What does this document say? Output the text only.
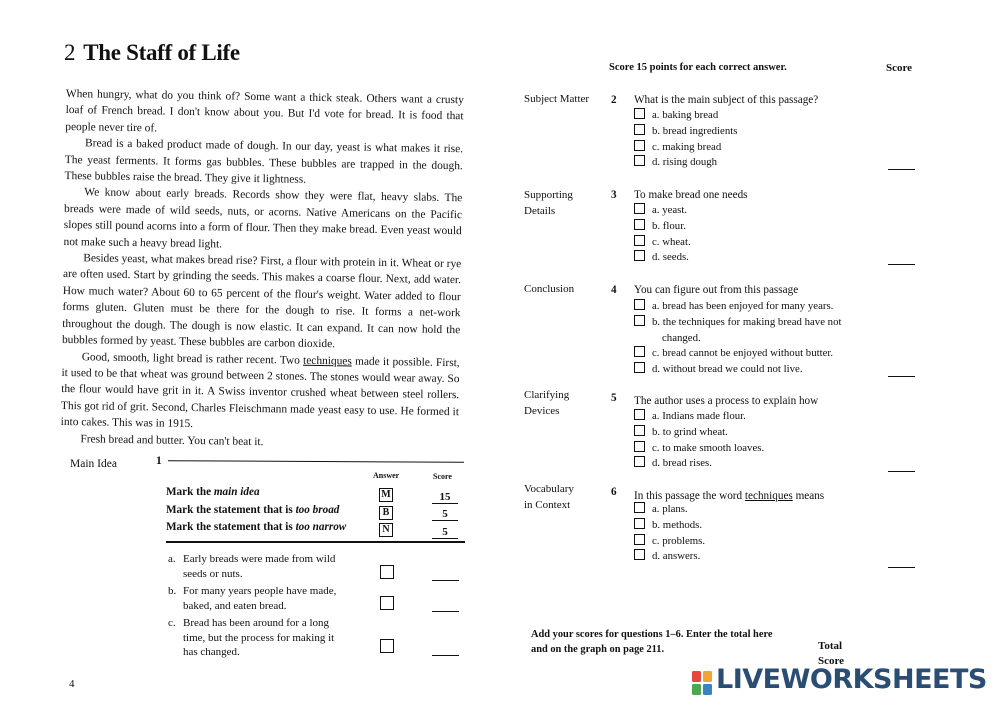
2 The Staff of Life

When hungry, what do you think of? Some want a thick steak. Others want a crusty loaf of French bread. I don't know about you. But I'd vote for bread. It is food that people never tire of.

Bread is a baked product made of dough. In our day, yeast is what makes it rise. The yeast ferments. It forms gas bubbles. These bubbles are trapped in the dough. These bubbles raise the bread. They give it lightness.

We know about early breads. Records show they were flat, heavy slabs. The breads were made of wild seeds, nuts, or acorns. Native Americans on the Pacific slopes still pound acorns into a form of flour. Then they make bread. Even yeast would not make such a heavy bread light.

Besides yeast, what makes bread rise? First, a flour with protein in it. Wheat or rye are often used. Start by grinding the seeds. This makes a coarse flour. Next, add water. How much water? About 60 to 65 percent of the flour's weight. Water added to flour forms gluten. Gluten must be there for the dough to rise. It forms a net-work throughout the dough. The dough is now elastic. It can expand. It can now hold the bubbles formed by yeast. These bubbles are carbon dioxide.

Good, smooth, light bread is rather recent. Two techniques made it possible. First, it used to be that wheat was ground between 2 stones. The stones would wear away. So the flour would have grit in it. A Swiss inventor crushed wheat between steel rollers. This got rid of grit. Second, Charles Fleischmann made yeast easy to use. He formed it into cakes. This was in 1915.

Fresh bread and butter. You can't beat it.

Main Idea	1
Answer	Score
Mark the main idea	M	15
Mark the statement that is too broad	B	5
Mark the statement that is too narrow	N	5
a. Early breads were made from wild
seeds or nuts.
b. For many years people have made,
baked, and eaten bread.
c. Bread has been around for a long
time, but the process for making it
has changed.
4
Score 15 points for each correct answer.	Score
Subject Matter 2 What is the main subject of this passage?
a. baking bread
b. bread ingredients
c. making bread
d. rising dough
Supporting
Details
3 To make bread one needs
a. yeast.
b. flour.
c. wheat.
d. seeds.
Conclusion	4 You can figure out from this passage
a. bread has been enjoyed for many years.
b. the techniques for making bread have not
changed.
c. bread cannot be enjoyed without butter.
d. without bread we could not live.
Clarifying
Devices
5 The author uses a process to explain how
a. Indians made flour.
b. to grind wheat.
c. to make smooth loaves.
d. bread rises.
Vocabulary
in Context
6 In this passage the word techniques means
a. plans.
b. methods.
c. problems.
d. answers.
Add your scores for questions 1–6. Enter the total here
and on the graph on page 211.	Total
Score
LIVEWORKSHEETS
